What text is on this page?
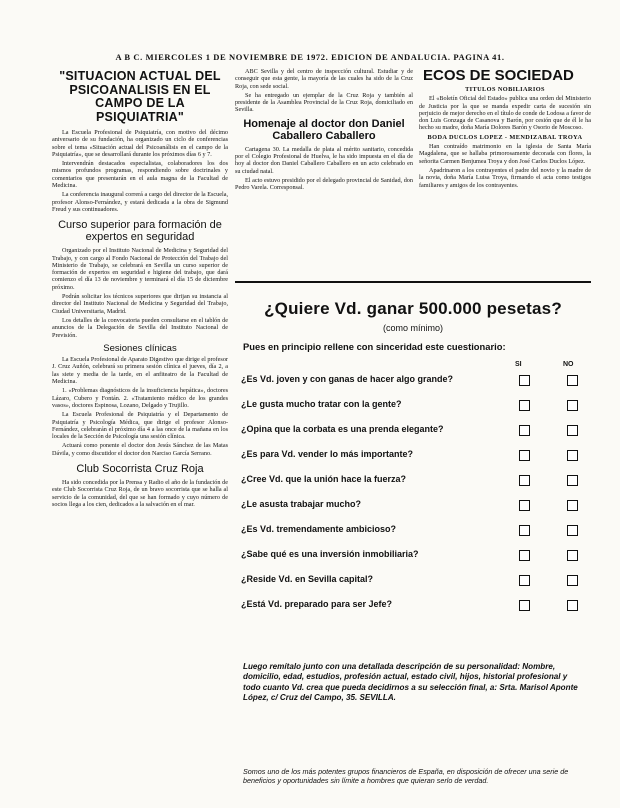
A B C. MIERCOLES 1 DE NOVIEMBRE DE 1972. EDICION DE ANDALUCIA. PAGINA 41.
"SITUACION ACTUAL DEL PSICOANALISIS EN EL CAMPO DE LA PSIQUIATRIA"

La Escuela Profesional de Psiquiatría, con motivo del décimo aniversario de su fundación, ha organizado un ciclo de conferencias sobre el tema «Situación actual del Psicoanálisis en el campo de la Psiquiatría», que se desarrollará durante los próximos días 6 y 7.

Intervendrán destacados especialistas, colaboradores los dos mismos profundos programas, respondiendo sobre doctrinales y comentarios que presentarán en el aula magna de la Facultad de Medicina.

La conferencia inaugural correrá a cargo del director de la Escuela, profesor Alonso-Fernández, y estará dedicada a la obra de Sigmund Freud y sus continuadores.

Curso superior para formación de expertos en seguridad

Organizado por el Instituto Nacional de Medicina y Seguridad del Trabajo, y con cargo al Fondo Nacional de Protección del Trabajo del Ministerio de Trabajo, se celebrará en Sevilla un curso superior de formación de expertos en seguridad e higiene del trabajo, que dará comienzo el día 13 de noviembre y terminará el día 15 de diciembre próximo.

Podrán solicitar los técnicos superiores que dirijan su instancia al director del Instituto Nacional de Medicina y Seguridad del Trabajo, Ciudad Universitaria, Madrid.

Los detalles de la convocatoria pueden consultarse en el tablón de anuncios de la Delegación de Sevilla del Instituto Nacional de Previsión.

Sesiones clínicas

La Escuela Profesional de Aparato Digestivo que dirige el profesor J. Cruz Auñón, celebrará su primera sesión clínica el jueves, día 2, a las siete y media de la tarde, en el anfiteatro de la Facultad de Medicina.

1. «Problemas diagnósticos de la insuficiencia hepática», doctores Lázaro, Cubero y Fontán. 2. «Tratamiento médico de los grandes vasos», doctores Espinosa, Lozano, Delgado y Trujillo.

La Escuela Profesional de Psiquiatría y el Departamento de Psiquiatría y Psicología Médica, que dirige el profesor Alonso-Fernández, celebrarán el próximo día 4 a las once de la mañana en los locales de la Sección de Psicología una sesión clínica.

Actuará como ponente el doctor don Jesús Sánchez de las Matas Dávila, y como discutidor el doctor don Narciso García Serrano.

Club Socorrista Cruz Roja

Ha sido concedida por la Prensa y Radio el año de la fundación de este Club Socorrista Cruz Roja, de un bravo socorrista que se halla al servicio de la comunidad, del que se han formado y cuyo número de socios llega a los cien, dedicados a la salvación en el mar.

ABC Sevilla y del centro de inspección cultural. Estudiar y de conseguir que esta gente, la mayoría de las cuales ha sido de la Cruz Roja, con sede social.

Se ha entregado un ejemplar de la Cruz Roja y también al presidente de la Asamblea Provincial de la Cruz Roja, domiciliado en Sevilla.

Homenaje al doctor don Daniel Caballero Caballero

Cartagena 30. La medalla de plata al mérito sanitario, concedida por el Colegio Profesional de Huelva, le ha sido impuesta en el día de hoy al doctor don Daniel Caballero Caballero en un acto celebrado en su ciudad natal.

El acto estuvo presidido por el delegado provincial de Sanidad, don Pedro Varela. Corresponsal.

ECOS DE SOCIEDAD
TITULOS NOBILIARIOS

El «Boletín Oficial del Estado» publica una orden del Ministerio de Justicia por la que se manda expedir carta de sucesión sin perjuicio de mejor derecho en el título de conde de Lodosa a favor de don Luis Gonzaga de Casanova y Barón, por cesión que de él le ha hecho su madre, doña María Dolores Barón y Osorio de Moscoso.

BODA DUCLOS LOPEZ - MENDIZABAL TROYA

Han contraído matrimonio en la iglesia de Santa María Magdalena, que se hallaba primorosamente decorada con flores, la señorita Carmen Benjumea Troya y don José Carlos Duclos López.

Apadrinaron a los contrayentes el padre del novio y la madre de la novia, doña María Luisa Troya, firmando el acta como testigos familiares y amigos de los contrayentes.

¿Quiere Vd. ganar 500.000 pesetas?
(como mínimo)
Pues en principio rellene con sinceridad este cuestionario:
SI	NO
¿Es Vd. joven y con ganas de hacer algo grande?
¿Le gusta mucho tratar con la gente?
¿Opina que la corbata es una prenda elegante?
¿Es para Vd. vender lo más importante?
¿Cree Vd. que la unión hace la fuerza?
¿Le asusta trabajar mucho?
¿Es Vd. tremendamente ambicioso?
¿Sabe qué es una inversión inmobiliaria?
¿Reside Vd. en Sevilla capital?
¿Está Vd. preparado para ser Jefe?
Luego remítalo junto con una detallada descripción de su personalidad: Nombre, domicilio, edad, estudios, profesión actual, estado civil, hijos, historial profesional y todo cuanto Vd. crea que pueda decidirnos a su selección final, a: Srta. Marisol Aponte López, c/ Cruz del Campo, 35. SEVILLA.
Somos uno de los más potentes grupos financieros de España, en disposición de ofrecer una serie de beneficios y oportunidades sin límite a hombres que quieran serlo de verdad.
